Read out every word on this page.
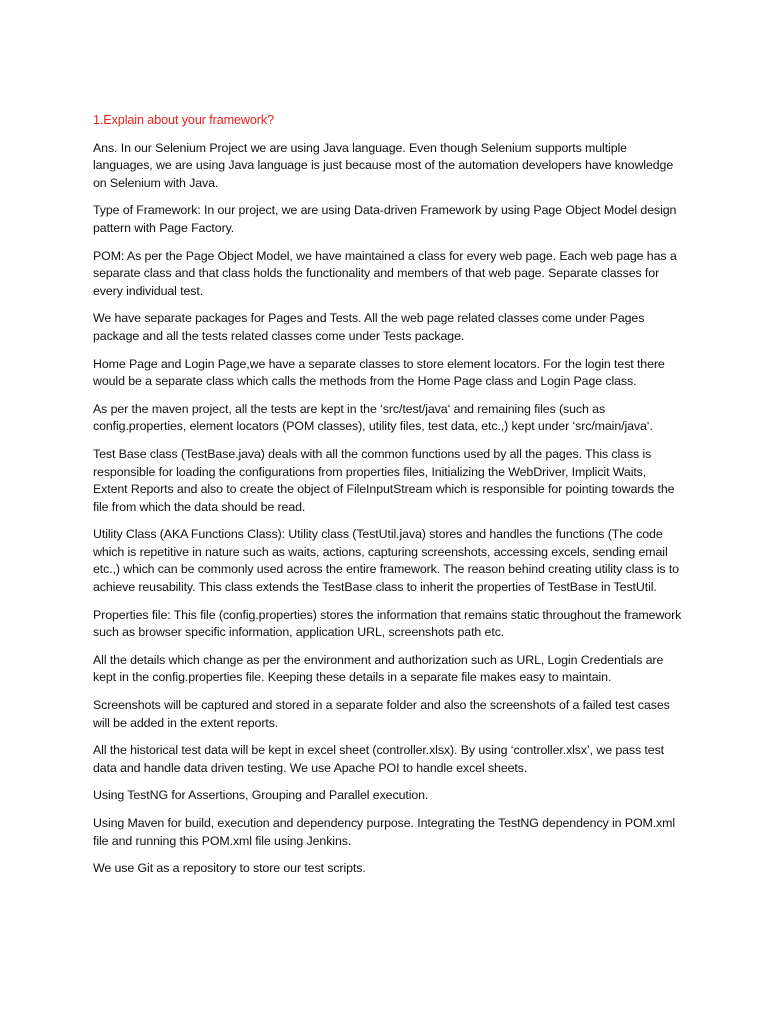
1.Explain about your framework?

Ans. In our Selenium Project we are using Java language. Even though Selenium supports multiple languages, we are using Java language is just because most of the automation developers have knowledge on Selenium with Java.

Type of Framework: In our project, we are using Data-driven Framework by using Page Object Model design pattern with Page Factory.

POM: As per the Page Object Model, we have maintained a class for every web page. Each web page has a separate class and that class holds the functionality and members of that web page. Separate classes for every individual test.

We have separate packages for Pages and Tests. All the web page related classes come under Pages package and all the tests related classes come under Tests package.

Home Page and Login Page,we have a separate classes to store element locators. For the login test there would be a separate class which calls the methods from the Home Page class and Login Page class.

As per the maven project, all the tests are kept in the ‘src/test/java‘ and remaining files (such as config.properties, element locators (POM classes), utility files, test data, etc.,) kept under ‘src/main/java‘.

Test Base class (TestBase.java) deals with all the common functions used by all the pages. This class is responsible for loading the configurations from properties files, Initializing the WebDriver, Implicit Waits, Extent Reports and also to create the object of FileInputStream which is responsible for pointing towards the file from which the data should be read.

Utility Class (AKA Functions Class): Utility class (TestUtil.java) stores and handles the functions (The code which is repetitive in nature such as waits, actions, capturing screenshots, accessing excels, sending email etc.,) which can be commonly used across the entire framework. The reason behind creating utility class is to achieve reusability. This class extends the TestBase class to inherit the properties of TestBase in TestUtil.

Properties file: This file (config.properties) stores the information that remains static throughout the framework such as browser specific information, application URL, screenshots path etc.

All the details which change as per the environment and authorization such as URL, Login Credentials are kept in the config.properties file. Keeping these details in a separate file makes easy to maintain.

Screenshots will be captured and stored in a separate folder and also the screenshots of a failed test cases will be added in the extent reports.

All the historical test data will be kept in excel sheet (controller.xlsx). By using ‘controller.xlsx’, we pass test data and handle data driven testing. We use Apache POI to handle excel sheets.

Using TestNG for Assertions, Grouping and Parallel execution.

Using Maven for build, execution and dependency purpose. Integrating the TestNG dependency in POM.xml file and running this POM.xml file using Jenkins.

We use Git as a repository to store our test scripts.
